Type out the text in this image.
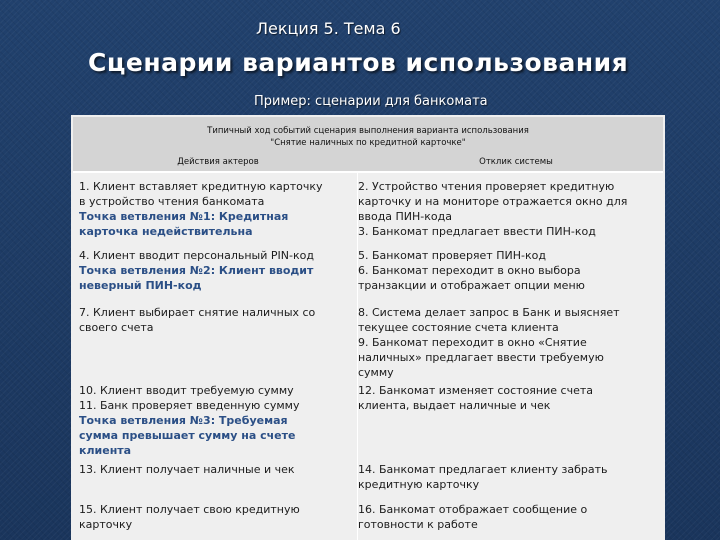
Лекция 5. Тема 6
Сценарии вариантов использования
Пример: сценарии для банкомата
Типичный ход событий сценария выполнения варианта использования
"Снятие наличных по кредитной карточке"
Действия актеров	Отклик системы
1. Клиент вставляет кредитную карточку
в устройство чтения банкомата
Точка ветвления №1: Кредитная
карточка недействительна
2. Устройство чтения проверяет кредитную
карточку и на мониторе отражается окно для
ввода ПИН-кода
3. Банкомат предлагает ввести ПИН-код
4. Клиент вводит персональный PIN-код
Точка ветвления №2: Клиент вводит
неверный ПИН-код
5. Банкомат проверяет ПИН-код
6. Банкомат переходит в окно выбора
транзакции и отображает опции меню
7. Клиент выбирает снятие наличных со
своего счета
8. Система делает запрос в Банк и выясняет
текущее состояние счета клиента
9. Банкомат переходит в окно «Снятие
наличных» предлагает ввести требуемую
сумму
10. Клиент вводит требуемую сумму
11. Банк проверяет введенную сумму
Точка ветвления №3: Требуемая
сумма превышает сумму на счете
клиента
12. Банкомат изменяет состояние счета
клиента, выдает наличные и чек
13. Клиент получает наличные и чек	14. Банкомат предлагает клиенту забрать
кредитную карточку
15. Клиент получает свою кредитную
карточку
16. Банкомат отображает сообщение о
готовности к работе
